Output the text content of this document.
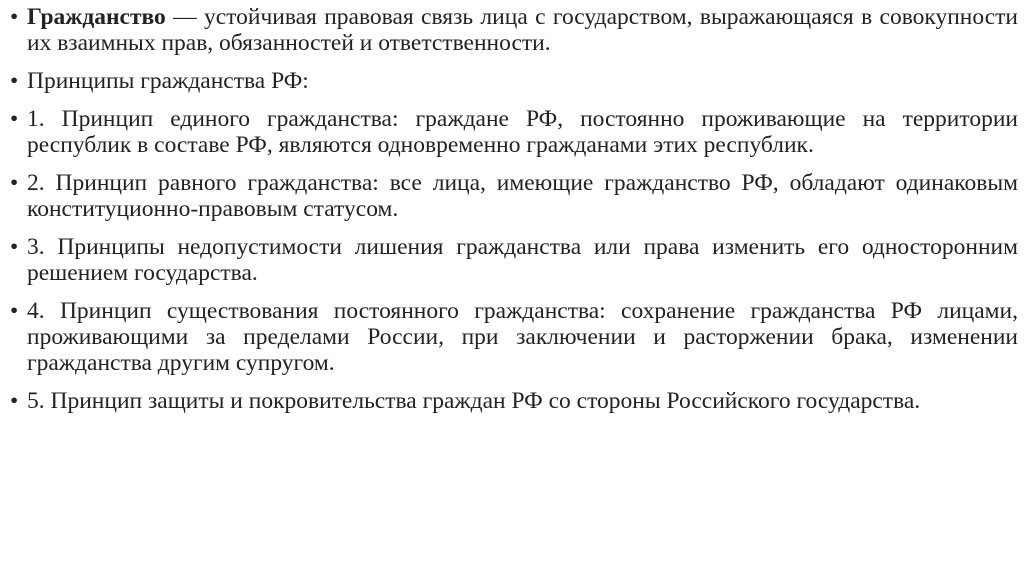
• Гражданство — устойчивая правовая связь лица с государством, выражающаяся в совокупности их взаимных прав, обязанностей и ответственности.
• Принципы гражданства РФ:
• 1. Принцип единого гражданства: граждане РФ, постоянно проживающие на территории республик в составе РФ, являются одновременно гражданами этих республик.
• 2. Принцип равного гражданства: все лица, имеющие гражданство РФ, обладают одинаковым конституционно-правовым статусом.
• 3. Принципы недопустимости лишения гражданства или права изменить его односторонним решением государства.
• 4. Принцип существования постоянного гражданства: сохранение гражданства РФ лицами, проживающими за пределами России, при заключении и расторжении брака, изменении гражданства другим супругом.
• 5. Принцип защиты и покровительства граждан РФ со стороны Российского государства.
